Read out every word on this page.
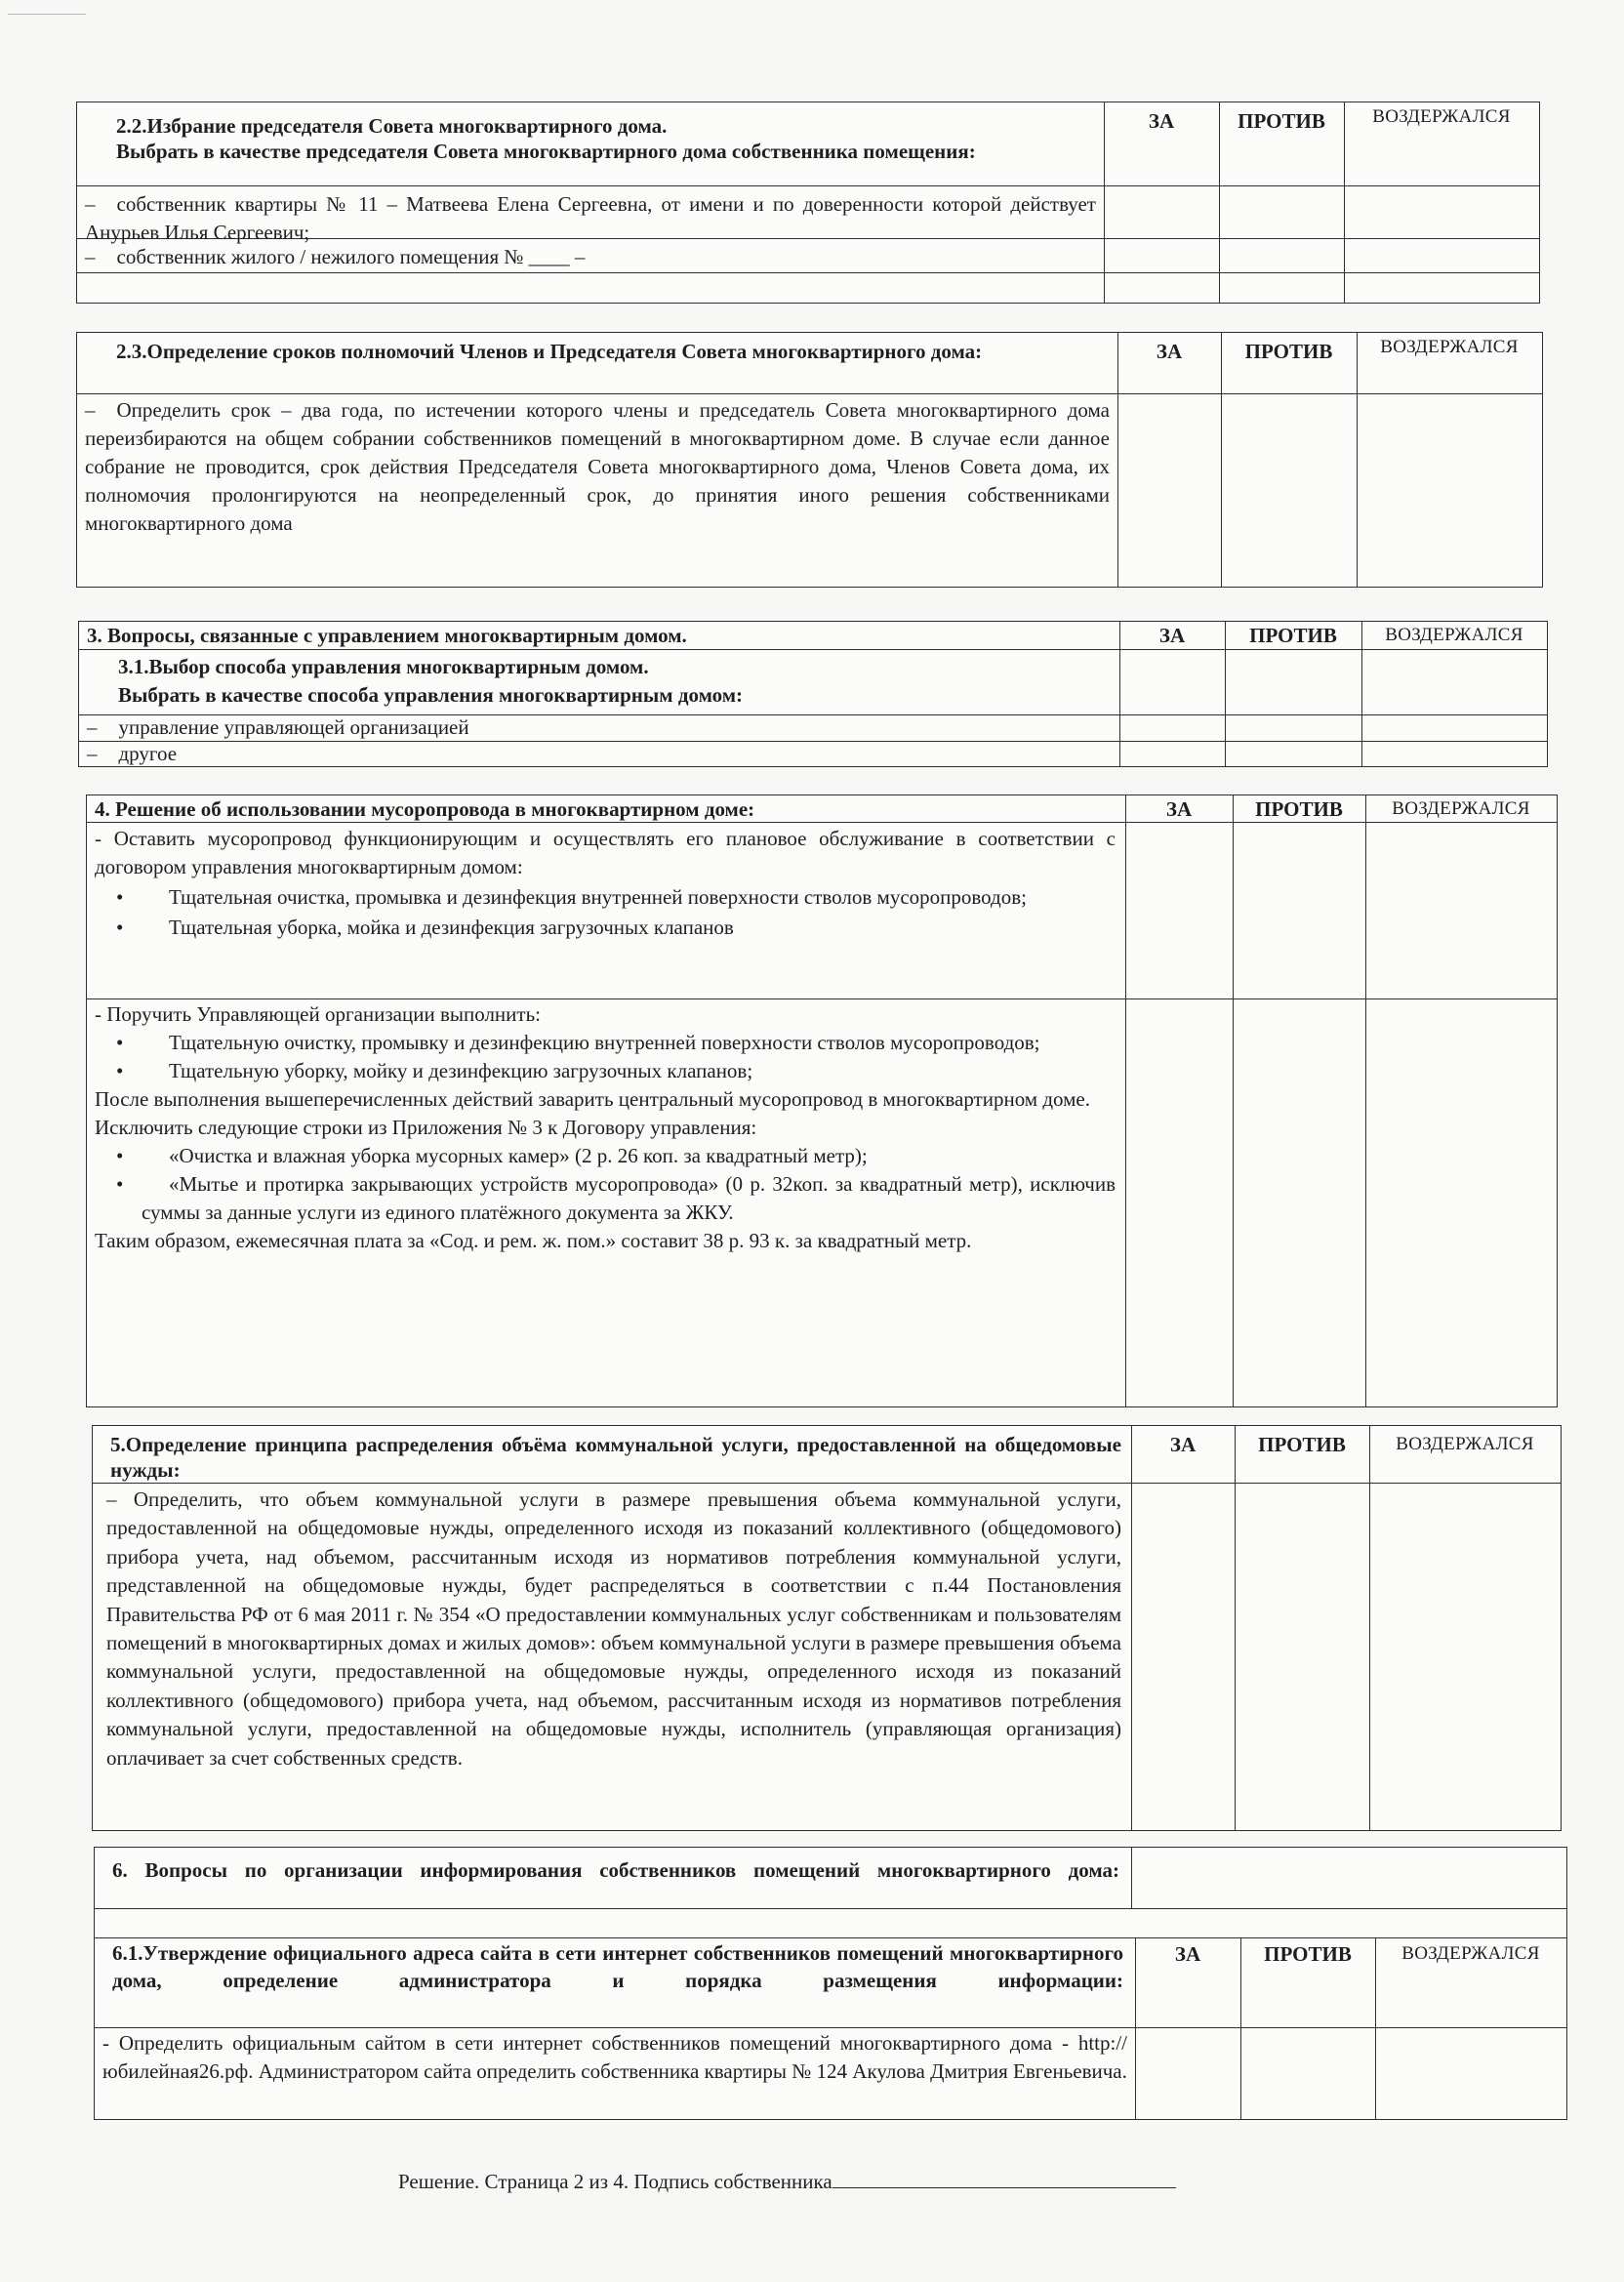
2.2.Избрание председателя Совета многоквартирного дома.
Выбрать в качестве председателя Совета многоквартирного дома собственника помещения:
ЗА	ПРОТИВ	ВОЗДЕРЖАЛСЯ
– собственник квартиры № 11 – Матвеева Елена Сергеевна, от имени и по доверенности которой действует Анурьев Илья Сергеевич;
– собственник жилого / нежилого помещения № ____ –
2.3.Определение сроков полномочий Членов и Председателя Совета многоквартирного дома:	ЗА	ПРОТИВ	ВОЗДЕРЖАЛСЯ
– Определить срок – два года, по истечении которого члены и председатель Совета многоквартирного дома переизбираются на общем собрании собственников помещений в многоквартирном доме. В случае если данное собрание не проводится, срок действия Председателя Совета многоквартирного дома, Членов Совета дома, их полномочия пролонгируются на неопределенный срок, до принятия иного решения собственниками многоквартирного дома
3. Вопросы, связанные с управлением многоквартирным домом.	ЗА	ПРОТИВ	ВОЗДЕРЖАЛСЯ
3.1.Выбор способа управления многоквартирным домом.
Выбрать в качестве способа управления многоквартирным домом:
– управление управляющей организацией
– другое
4. Решение об использовании мусоропровода в многоквартирном доме:	ЗА	ПРОТИВ	ВОЗДЕРЖАЛСЯ
- Оставить мусоропровод функционирующим и осуществлять его плановое обслуживание в соответствии с договором управления многоквартирным домом:
• Тщательная очистка, промывка и дезинфекция внутренней поверхности стволов мусоропроводов;
• Тщательная уборка, мойка и дезинфекция загрузочных клапанов
- Поручить Управляющей организации выполнить:
• Тщательную очистку, промывку и дезинфекцию внутренней поверхности стволов мусоропроводов;
• Тщательную уборку, мойку и дезинфекцию загрузочных клапанов;
После выполнения вышеперечисленных действий заварить центральный мусоропровод в многоквартирном доме.
Исключить следующие строки из Приложения № 3 к Договору управления:
• «Очистка и влажная уборка мусорных камер» (2 р. 26 коп. за квадратный метр);
• «Мытье и протирка закрывающих устройств мусоропровода» (0 р. 32коп. за квадратный метр), исключив суммы за данные услуги из единого платёжного документа за ЖКУ.
Таким образом, ежемесячная плата за «Сод. и рем. ж. пом.» составит 38 р. 93 к. за квадратный метр.
5.Определение принципа распределения объёма коммунальной услуги, предоставленной на общедомовые нужды:
ЗА	ПРОТИВ	ВОЗДЕРЖАЛСЯ
– Определить, что объем коммунальной услуги в размере превышения объема коммунальной услуги, предоставленной на общедомовые нужды, определенного исходя из показаний коллективного (общедомового) прибора учета, над объемом, рассчитанным исходя из нормативов потребления коммунальной услуги, представленной на общедомовые нужды, будет распределяться в соответствии с п.44 Постановления Правительства РФ от 6 мая 2011 г. № 354 «О предоставлении коммунальных услуг собственникам и пользователям помещений в многоквартирных домах и жилых домов»: объем коммунальной услуги в размере превышения объема коммунальной услуги, предоставленной на общедомовые нужды, определенного исходя из показаний коллективного (общедомового) прибора учета, над объемом, рассчитанным исходя из нормативов потребления коммунальной услуги, предоставленной на общедомовые нужды, исполнитель (управляющая организация) оплачивает за счет собственных средств.
6. Вопросы по организации информирования собственников помещений многоквартирного дома:
6.1.Утверждение официального адреса сайта в сети интернет собственников помещений многоквартирного дома, определение администратора и порядка размещения информации:
ЗА	ПРОТИВ	ВОЗДЕРЖАЛСЯ
- Определить официальным сайтом в сети интернет собственников помещений многоквартирного дома - http://юбилейная26.рф. Администратором сайта определить собственника квартиры № 124 Акулова Дмитрия Евгеньевича.
Решение. Страница 2 из 4. Подпись собственника
